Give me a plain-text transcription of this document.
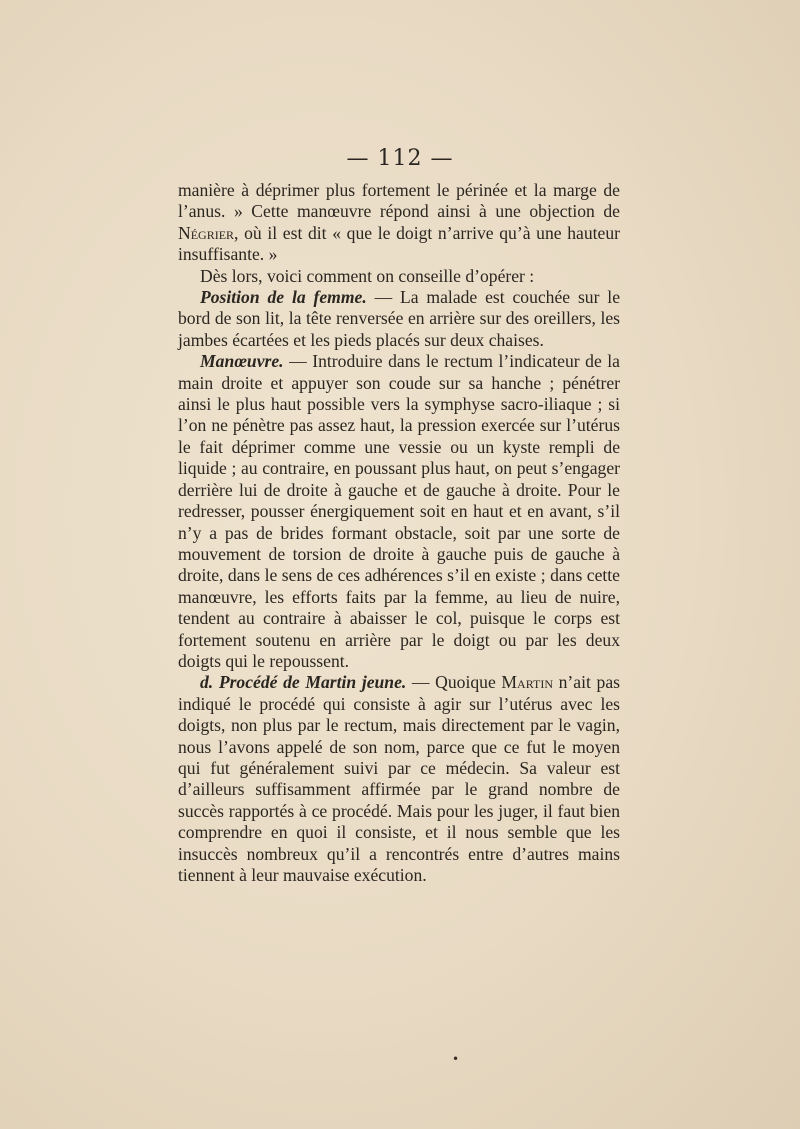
— 112 —

manière à déprimer plus fortement le périnée et la marge de l’anus. » Cette manœuvre répond ainsi à une objection de Négrier, où il est dit « que le doigt n’arrive qu’à une hauteur insuffisante. »

Dès lors, voici comment on conseille d’opérer :

Position de la femme. — La malade est couchée sur le bord de son lit, la tête renversée en arrière sur des oreillers, les jambes écartées et les pieds placés sur deux chaises.

Manœuvre. — Introduire dans le rectum l’indicateur de la main droite et appuyer son coude sur sa hanche ; pénétrer ainsi le plus haut possible vers la symphyse sacro-iliaque ; si l’on ne pénètre pas assez haut, la pression exercée sur l’utérus le fait déprimer comme une vessie ou un kyste rempli de liquide ; au contraire, en poussant plus haut, on peut s’engager derrière lui de droite à gauche et de gauche à droite. Pour le redresser, pousser énergiquement soit en haut et en avant, s’il n’y a pas de brides formant obstacle, soit par une sorte de mouvement de torsion de droite à gauche puis de gauche à droite, dans le sens de ces adhérences s’il en existe ; dans cette manœuvre, les efforts faits par la femme, au lieu de nuire, tendent au contraire à abaisser le col, puisque le corps est fortement soutenu en arrière par le doigt ou par les deux doigts qui le repoussent.

d. Procédé de Martin jeune. — Quoique Martin n’ait pas indiqué le procédé qui consiste à agir sur l’utérus avec les doigts, non plus par le rectum, mais directement par le vagin, nous l’avons appelé de son nom, parce que ce fut le moyen qui fut généralement suivi par ce médecin. Sa valeur est d’ailleurs suffisamment affirmée par le grand nombre de succès rapportés à ce procédé. Mais pour les juger, il faut bien comprendre en quoi il consiste, et il nous semble que les insuccès nombreux qu’il a rencontrés entre d’autres mains tiennent à leur mauvaise exécution.

•
